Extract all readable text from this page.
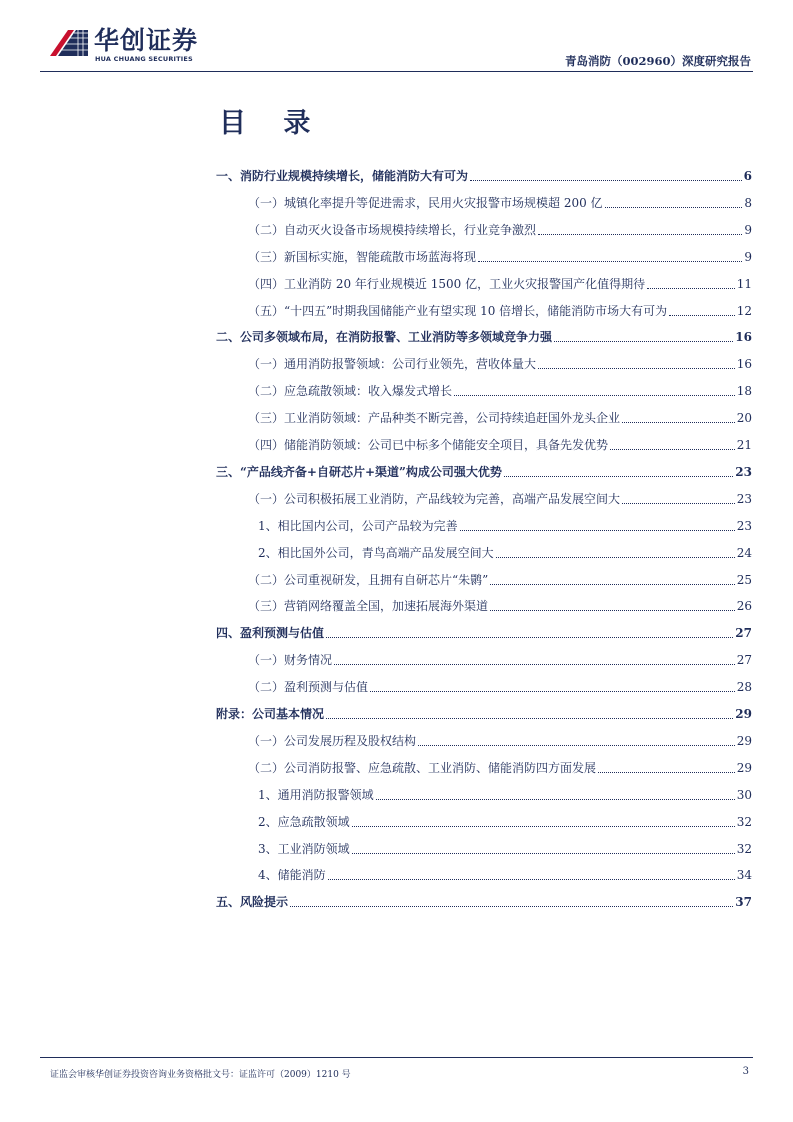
华创证券
HUA CHUANG SECURITIES	青岛消防（002960）深度研究报告
目 录
一、消防行业规模持续增长，储能消防大有可为	6
（一）城镇化率提升等促进需求，民用火灾报警市场规模超 200 亿	8
（二）自动灭火设备市场规模持续增长，行业竞争激烈	9
（三）新国标实施，智能疏散市场蓝海将现	9
（四）工业消防 20 年行业规模近 1500 亿，工业火灾报警国产化值得期待	11
（五）“十四五”时期我国储能产业有望实现 10 倍增长，储能消防市场大有可为	12
二、公司多领域布局，在消防报警、工业消防等多领域竞争力强	16
（一）通用消防报警领域：公司行业领先，营收体量大	16
（二）应急疏散领域：收入爆发式增长	18
（三）工业消防领域：产品种类不断完善，公司持续追赶国外龙头企业	20
（四）储能消防领域：公司已中标多个储能安全项目，具备先发优势	21
三、“产品线齐备+自研芯片+渠道”构成公司强大优势	23
（一）公司积极拓展工业消防，产品线较为完善，高端产品发展空间大	23
1、相比国内公司，公司产品较为完善	23
2、相比国外公司，青鸟高端产品发展空间大	24
（二）公司重视研发，且拥有自研芯片“朱鹮”	25
（三）营销网络覆盖全国，加速拓展海外渠道	26
四、盈利预测与估值	27
（一）财务情况	27
（二）盈利预测与估值	28
附录：公司基本情况	29
（一）公司发展历程及股权结构	29
（二）公司消防报警、应急疏散、工业消防、储能消防四方面发展	29
1、通用消防报警领域	30
2、应急疏散领域	32
3、工业消防领域	32
4、储能消防	34
五、风险提示	37
证监会审核华创证券投资咨询业务资格批文号：证监许可（2009）1210 号	3
